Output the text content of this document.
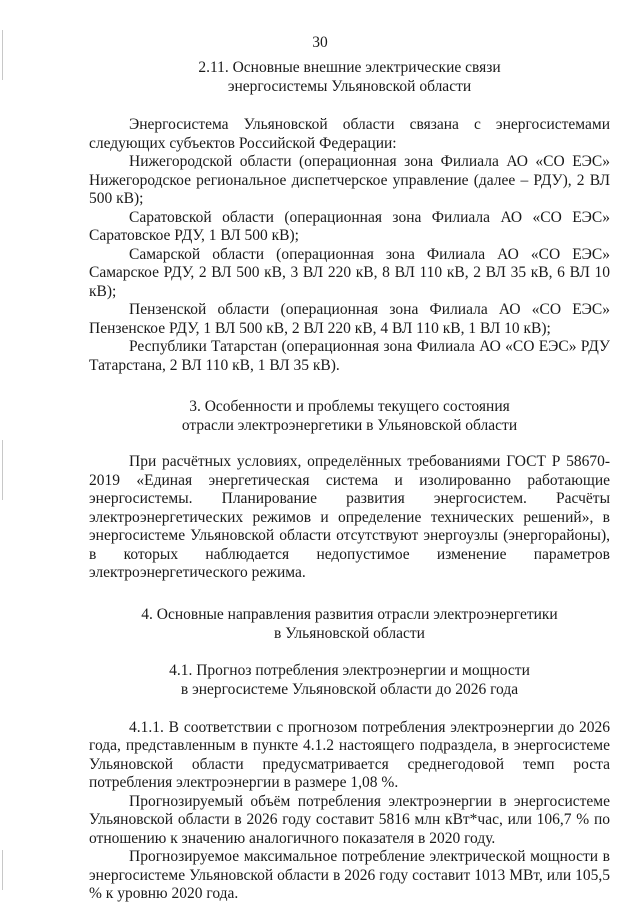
30
2.11. Основные внешние электрические связи
энергосистемы Ульяновской области

Энергосистема Ульяновской области связана с энергосистемами следующих субъектов Российской Федерации:

Нижегородской области (операционная зона Филиала АО «СО ЕЭС» Нижегородское региональное диспетчерское управление (далее – РДУ), 2 ВЛ 500 кВ);

Саратовской области (операционная зона Филиала АО «СО ЕЭС» Саратовское РДУ, 1 ВЛ 500 кВ);

Самарской области (операционная зона Филиала АО «СО ЕЭС» Самарское РДУ, 2 ВЛ 500 кВ, 3 ВЛ 220 кВ, 8 ВЛ 110 кВ, 2 ВЛ 35 кВ, 6 ВЛ 10 кВ);

Пензенской области (операционная зона Филиала АО «СО ЕЭС» Пензенское РДУ, 1 ВЛ 500 кВ, 2 ВЛ 220 кВ, 4 ВЛ 110 кВ, 1 ВЛ 10 кВ);

Республики Татарстан (операционная зона Филиала АО «СО ЕЭС» РДУ Татарстана, 2 ВЛ 110 кВ, 1 ВЛ 35 кВ).

3. Особенности и проблемы текущего состояния
отрасли электроэнергетики в Ульяновской области

При расчётных условиях, определённых требованиями ГОСТ Р 58670-2019 «Единая энергетическая система и изолированно работающие энергосистемы. Планирование развития энергосистем. Расчёты электроэнергетических режимов и определение технических решений», в энергосистеме Ульяновской области отсутствуют энергоузлы (энергорайоны), в которых наблюдается недопустимое изменение параметров электроэнергетического режима.

4. Основные направления развития отрасли электроэнергетики
в Ульяновской области
4.1. Прогноз потребления электроэнергии и мощности
в энергосистеме Ульяновской области до 2026 года

4.1.1. В соответствии с прогнозом потребления электроэнергии до 2026 года, представленным в пункте 4.1.2 настоящего подраздела, в энергосистеме Ульяновской области предусматривается среднегодовой темп роста потребления электроэнергии в размере 1,08 %.

Прогнозируемый объём потребления электроэнергии в энергосистеме Ульяновской области в 2026 году составит 5816 млн кВт*час, или 106,7 % по отношению к значению аналогичного показателя в 2020 году.

Прогнозируемое максимальное потребление электрической мощности в энергосистеме Ульяновской области в 2026 году составит 1013 МВт, или 105,5 % к уровню 2020 года.
